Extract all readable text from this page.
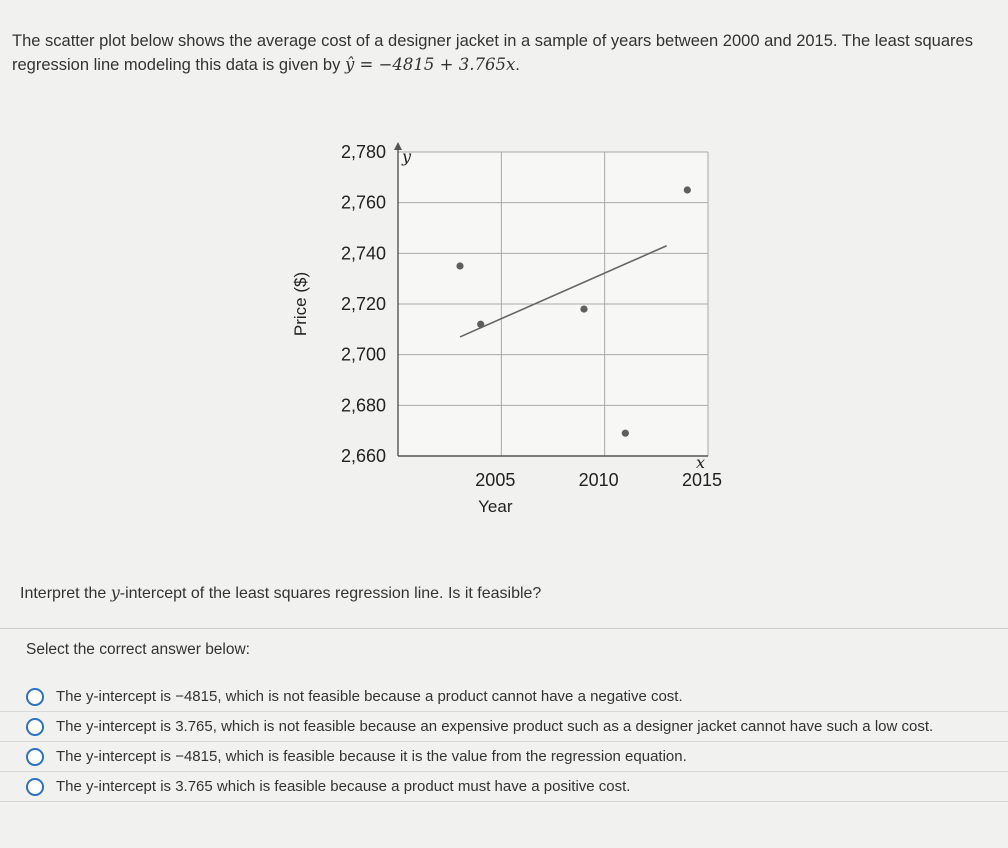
The scatter plot below shows the average cost of a designer jacket in a sample of years between 2000 and 2015. The least squares regression line modeling this data is given by ŷ = −4815 + 3.765x.
2,660
2,680
2,700
2,720
2,740
2,760
2,780
2005	2010	2015
y
x
Year
Price ($)
Interpret the y-intercept of the least squares regression line. Is it feasible?
Select the correct answer below:
The y-intercept is −4815, which is not feasible because a product cannot have a negative cost.
The y-intercept is 3.765, which is not feasible because an expensive product such as a designer jacket cannot have such a low cost.
The y-intercept is −4815, which is feasible because it is the value from the regression equation.
The y-intercept is 3.765 which is feasible because a product must have a positive cost.
